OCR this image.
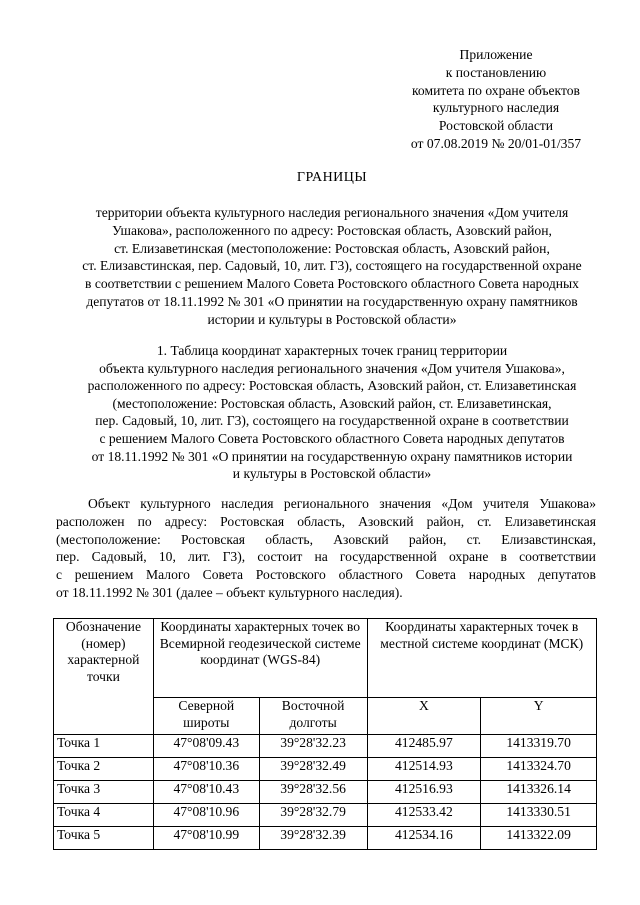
Приложение
к постановлению
комитета по охране объектов
культурного наследия
Ростовской области
от 07.08.2019 № 20/01-01/357
ГРАНИЦЫ
территории объекта культурного наследия регионального значения «Дом учителя
Ушакова», расположенного по адресу: Ростовская область, Азовский район,
ст. Елизаветинская (местоположение: Ростовская область, Азовский район,
ст. Елизавстинская, пер. Садовый, 10, лит. Г3), состоящего на государственной охране
в соответствии с решением Малого Совета Ростовского областного Совета народных
депутатов от 18.11.1992 № 301 «О принятии на государственную охрану памятников
истории и культуры в Ростовской области»
1. Таблица координат характерных точек границ территории
объекта культурного наследия регионального значения «Дом учителя Ушакова»,
расположенного по адресу: Ростовская область, Азовский район, ст. Елизаветинская
(местоположение: Ростовская область, Азовский район, ст. Елизаветинская,
пер. Садовый, 10, лит. Г3), состоящего на государственной охране в соответствии
с решением Малого Совета Ростовского областного Совета народных депутатов
от 18.11.1992 № 301 «О принятии на государственную охрану памятников истории
и культуры в Ростовской области»
Объект культурного наследия регионального значения «Дом учителя Ушакова»
расположен по адресу: Ростовская область, Азовский район, ст. Елизаветинская
(местоположение: Ростовская область, Азовский район, ст. Елизавстинская,
пер. Садовый, 10, лит. Г3), состоит на государственной охране в соответствии
с решением Малого Совета Ростовского областного Совета народных депутатов
от 18.11.1992 № 301 (далее – объект культурного наследия).
Обозначение (номер) характерной точки	Координаты характерных точек во Всемирной геодезической системе координат (WGS-84)		Координаты характерных точек в местной системе координат (МСК)	
	Северной широты	Восточной долготы	X	Y
Точка 1	47°08'09.43	39°28'32.23	412485.97	1413319.70
Точка 2	47°08'10.36	39°28'32.49	412514.93	1413324.70
Точка 3	47°08'10.43	39°28'32.56	412516.93	1413326.14
Точка 4	47°08'10.96	39°28'32.79	412533.42	1413330.51
Точка 5	47°08'10.99	39°28'32.39	412534.16	1413322.09
